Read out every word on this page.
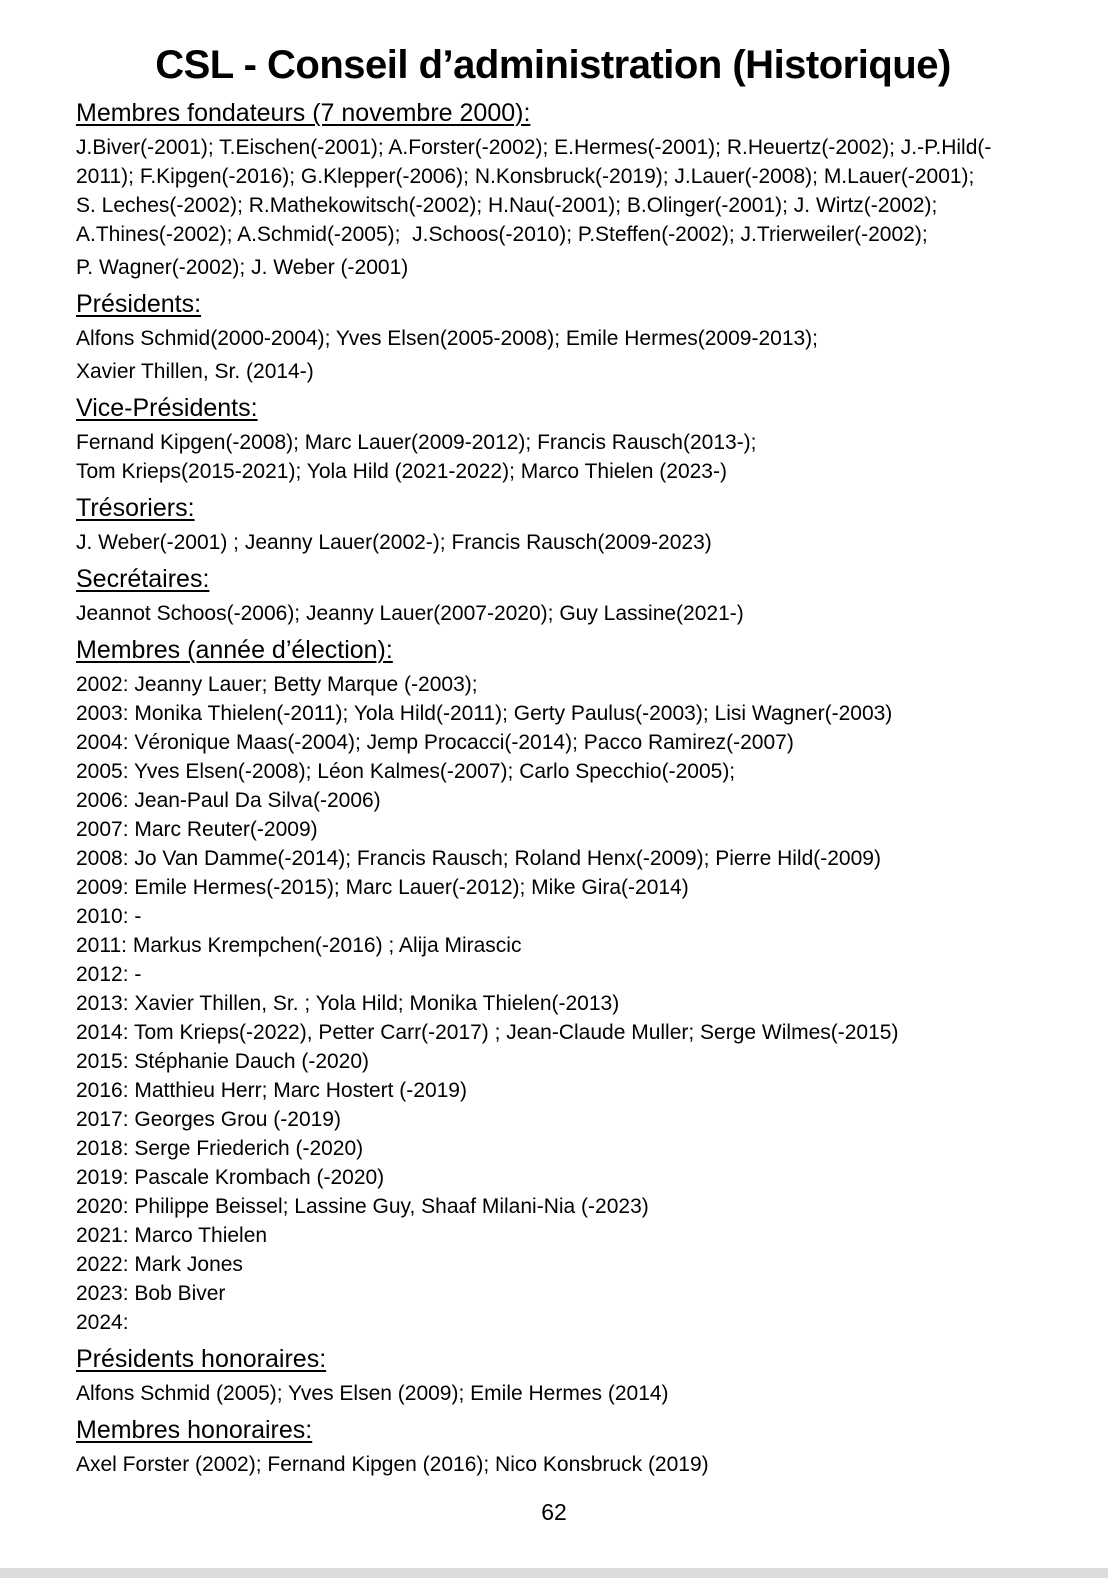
CSL - Conseil d’administration (Historique)
Membres fondateurs (7 novembre 2000):

J.Biver(-2001); T.Eischen(-2001); A.Forster(-2002); E.Hermes(-2001); R.Heuertz(-2002); J.-P.Hild(-

2011); F.Kipgen(-2016); G.Klepper(-2006); N.Konsbruck(-2019); J.Lauer(-2008); M.Lauer(-2001);

S. Leches(-2002); R.Mathekowitsch(-2002); H.Nau(-2001); B.Olinger(-2001); J. Wirtz(-2002);

A.Thines(-2002); A.Schmid(-2005);  J.Schoos(-2010); P.Steffen(-2002); J.Trierweiler(-2002);

P. Wagner(-2002); J. Weber (-2001)

Présidents:

Alfons Schmid(2000-2004); Yves Elsen(2005-2008); Emile Hermes(2009-2013);

Xavier Thillen, Sr. (2014-)

Vice-Présidents:

Fernand Kipgen(-2008); Marc Lauer(2009-2012); Francis Rausch(2013-);

Tom Krieps(2015-2021); Yola Hild (2021-2022); Marco Thielen (2023-)

Trésoriers:

J. Weber(-2001) ; Jeanny Lauer(2002-); Francis Rausch(2009-2023)

Secrétaires:

Jeannot Schoos(-2006); Jeanny Lauer(2007-2020); Guy Lassine(2021-)

Membres (année d’élection):

2002: Jeanny Lauer; Betty Marque (-2003);

2003: Monika Thielen(-2011); Yola Hild(-2011); Gerty Paulus(-2003); Lisi Wagner(-2003)

2004: Véronique Maas(-2004); Jemp Procacci(-2014); Pacco Ramirez(-2007)

2005: Yves Elsen(-2008); Léon Kalmes(-2007); Carlo Specchio(-2005);

2006: Jean-Paul Da Silva(-2006)

2007: Marc Reuter(-2009)

2008: Jo Van Damme(-2014); Francis Rausch; Roland Henx(-2009); Pierre Hild(-2009)

2009: Emile Hermes(-2015); Marc Lauer(-2012); Mike Gira(-2014)

2010: -

2011: Markus Krempchen(-2016) ; Alija Mirascic

2012: -

2013: Xavier Thillen, Sr. ; Yola Hild; Monika Thielen(-2013)

2014: Tom Krieps(-2022), Petter Carr(-2017) ; Jean-Claude Muller; Serge Wilmes(-2015)

2015: Stéphanie Dauch (-2020)

2016: Matthieu Herr; Marc Hostert (-2019)

2017: Georges Grou (-2019)

2018: Serge Friederich (-2020)

2019: Pascale Krombach (-2020)

2020: Philippe Beissel; Lassine Guy, Shaaf Milani-Nia (-2023)

2021: Marco Thielen

2022: Mark Jones

2023: Bob Biver

2024:

Présidents honoraires:

Alfons Schmid (2005); Yves Elsen (2009); Emile Hermes (2014)

Membres honoraires:

Axel Forster (2002); Fernand Kipgen (2016); Nico Konsbruck (2019)

62
